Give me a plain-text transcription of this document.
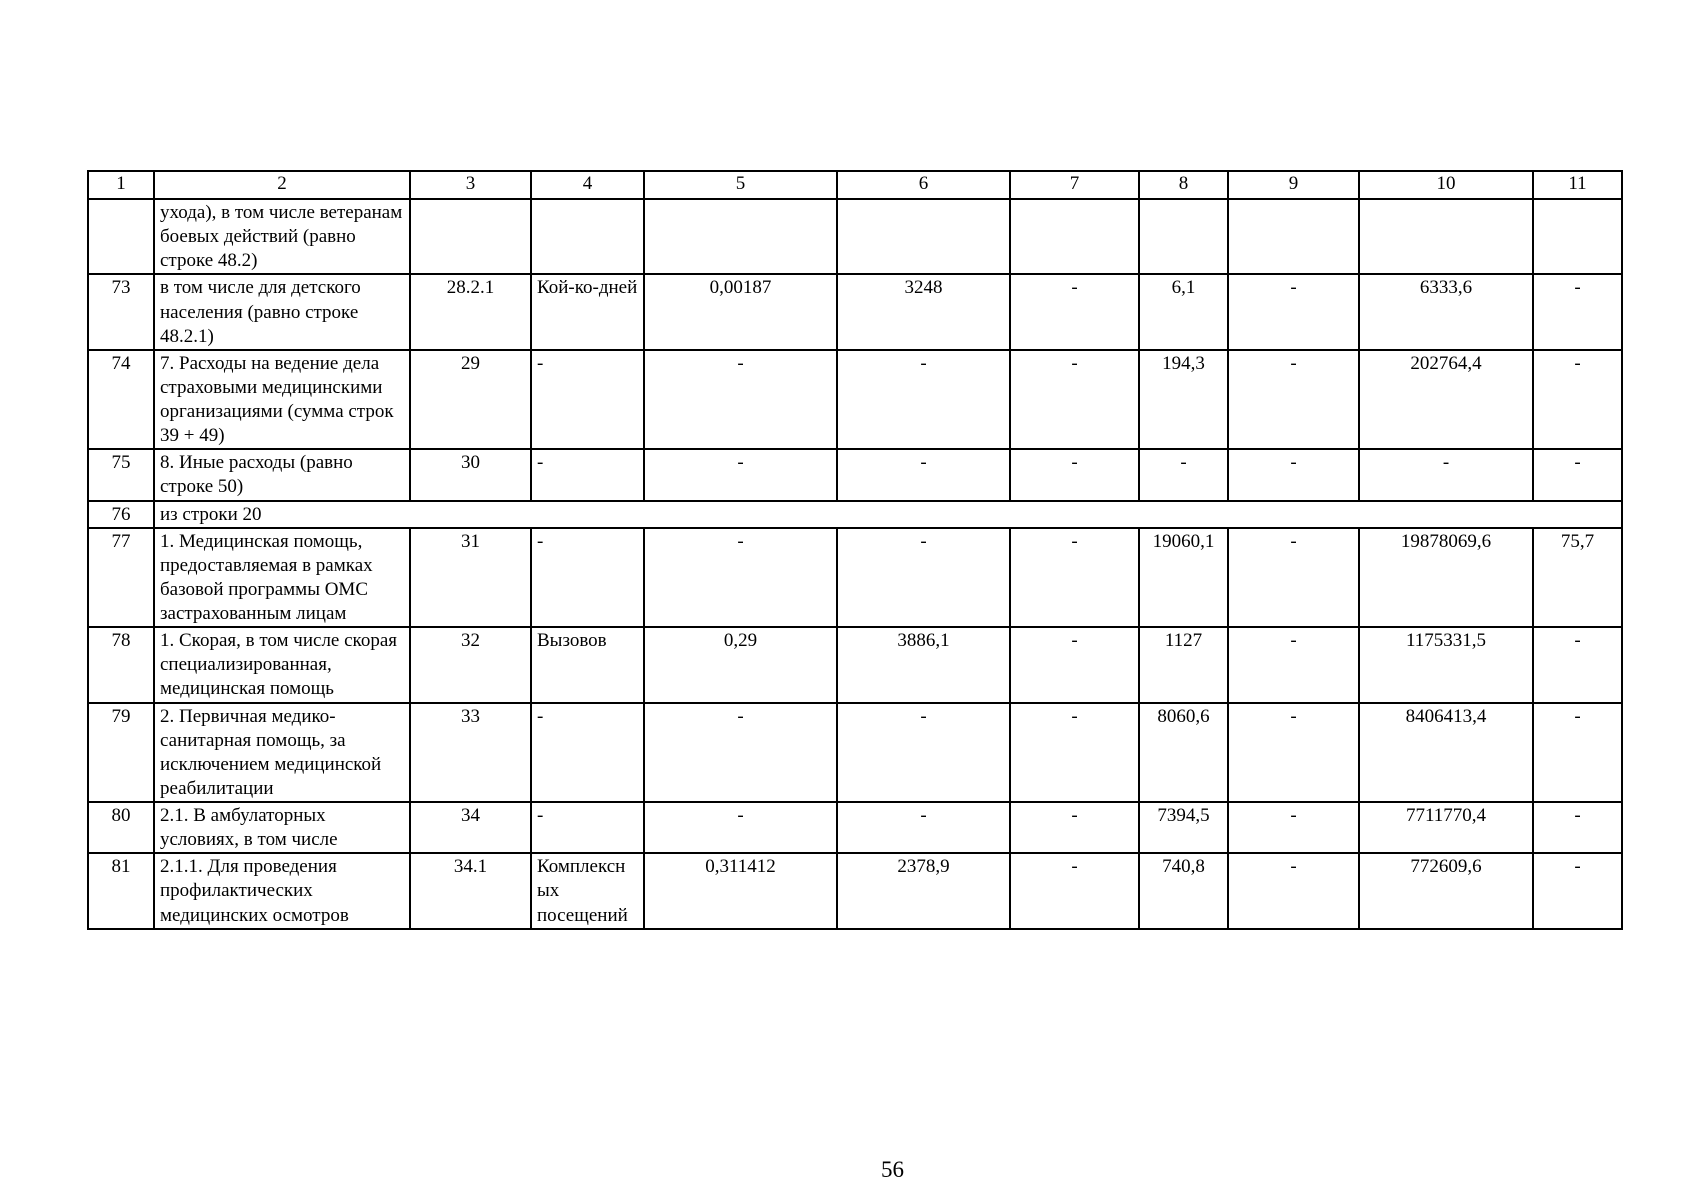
1	2	3	4	5	6	7	8	9	10	11
	ухода), в том числе ветеранам боевых действий (равно строке 48.2)									
73	в том числе для детского населения (равно строке 48.2.1)	28.2.1	Кой-ко-дней	0,00187	3248	-	6,1	-	6333,6	-
74	7. Расходы на ведение дела страховыми медицинскими организациями (сумма строк 39 + 49)	29	-	-	-	-	194,3	-	202764,4	-
75	8. Иные расходы (равно строке 50)	30	-	-	-	-	-	-	-	-
76	из строки 20									
77	1. Медицинская помощь, предоставляемая в рамках базовой программы ОМС застрахованным лицам	31	-	-	-	-	19060,1	-	19878069,6	75,7
78	1. Скорая, в том числе скорая специализированная, медицинская помощь	32	Вызовов	0,29	3886,1	-	1127	-	1175331,5	-
79	2. Первичная медико-санитарная помощь, за исключением медицинской реабилитации	33	-	-	-	-	8060,6	-	8406413,4	-
80	2.1. В амбулаторных условиях, в том числе	34	-	-	-	-	7394,5	-	7711770,4	-
81	2.1.1. Для проведения профилактических медицинских осмотров	34.1	Комплексных посещений	0,311412	2378,9	-	740,8	-	772609,6	-
56
